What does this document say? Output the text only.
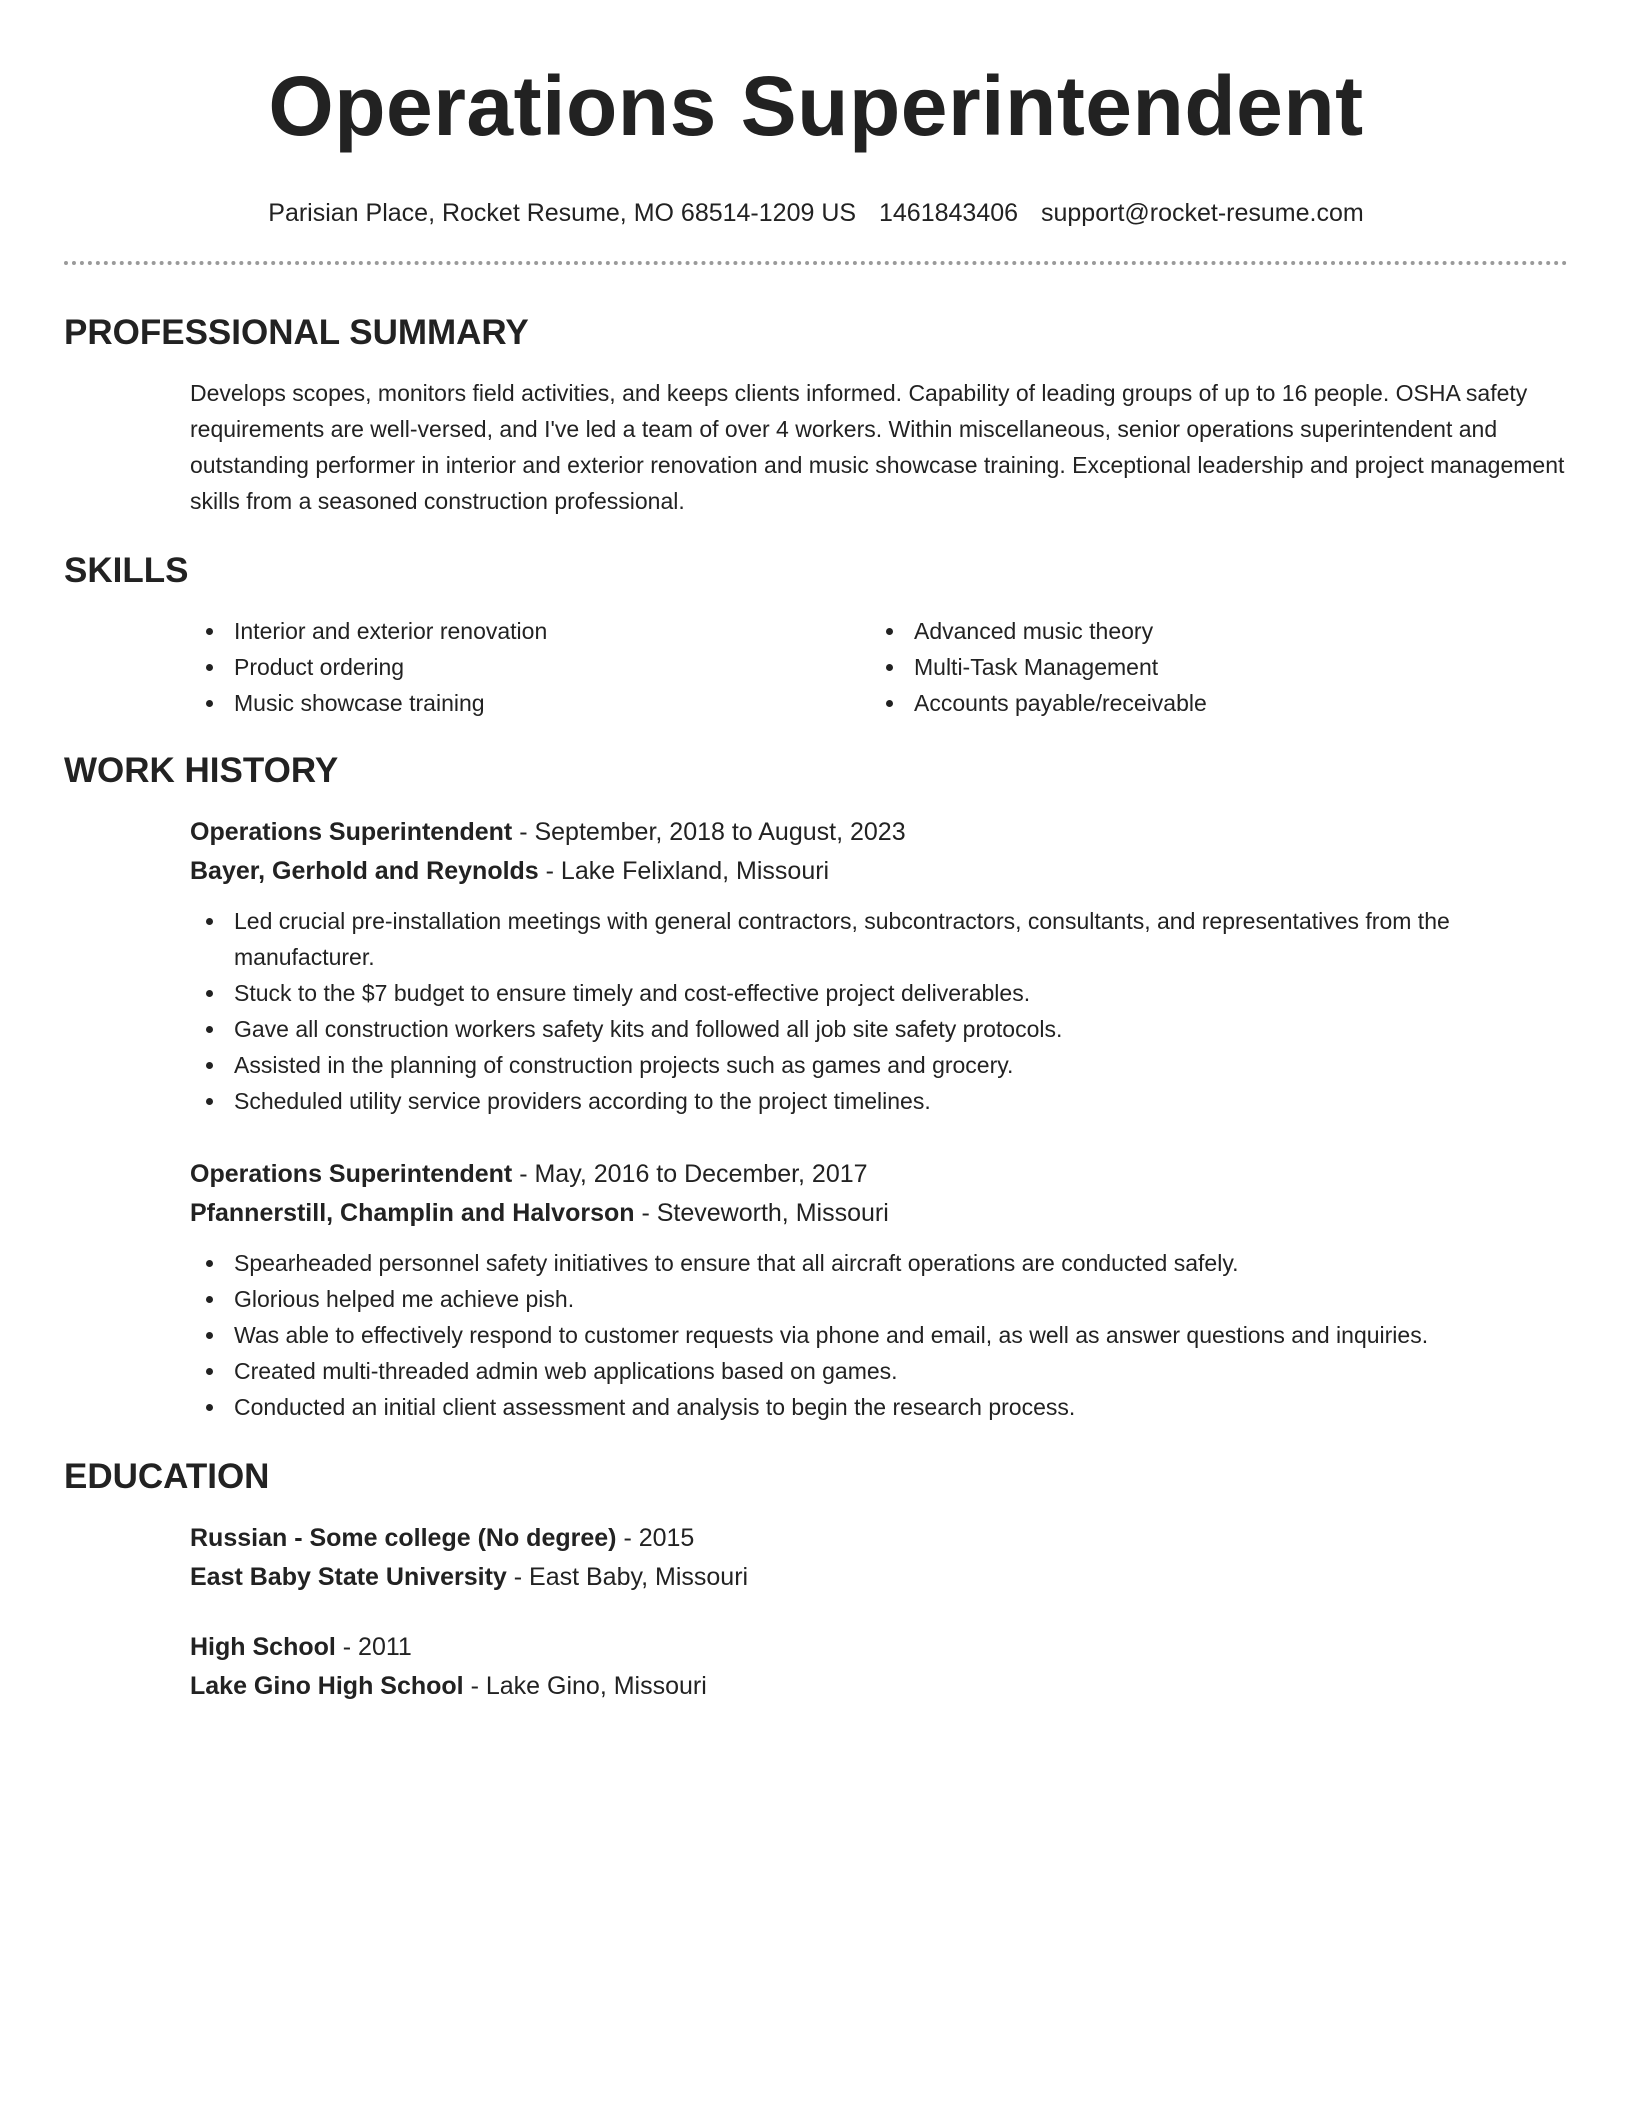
Operations Superintendent
Parisian Place, Rocket Resume, MO 68514-1209 US 1461843406 support@rocket-resume.com
PROFESSIONAL SUMMARY
Develops scopes, monitors field activities, and keeps clients informed. Capability of leading groups of up to 16 people. OSHA safety requirements are well-versed, and I've led a team of over 4 workers. Within miscellaneous, senior operations superintendent and outstanding performer in interior and exterior renovation and music showcase training. Exceptional leadership and project management skills from a seasoned construction professional.
SKILLS
Interior and exterior renovation
Product ordering
Music showcase training
Advanced music theory
Multi-Task Management
Accounts payable/receivable
WORK HISTORY
Operations Superintendent - September, 2018 to August, 2023
Bayer, Gerhold and Reynolds - Lake Felixland, Missouri
Led crucial pre-installation meetings with general contractors, subcontractors, consultants, and representatives from the manufacturer.
Stuck to the $7 budget to ensure timely and cost-effective project deliverables.
Gave all construction workers safety kits and followed all job site safety protocols.
Assisted in the planning of construction projects such as games and grocery.
Scheduled utility service providers according to the project timelines.
Operations Superintendent - May, 2016 to December, 2017
Pfannerstill, Champlin and Halvorson - Steveworth, Missouri
Spearheaded personnel safety initiatives to ensure that all aircraft operations are conducted safely.
Glorious helped me achieve pish.
Was able to effectively respond to customer requests via phone and email, as well as answer questions and inquiries.
Created multi-threaded admin web applications based on games.
Conducted an initial client assessment and analysis to begin the research process.
EDUCATION
Russian - Some college (No degree) - 2015
East Baby State University - East Baby, Missouri
High School - 2011
Lake Gino High School - Lake Gino, Missouri
